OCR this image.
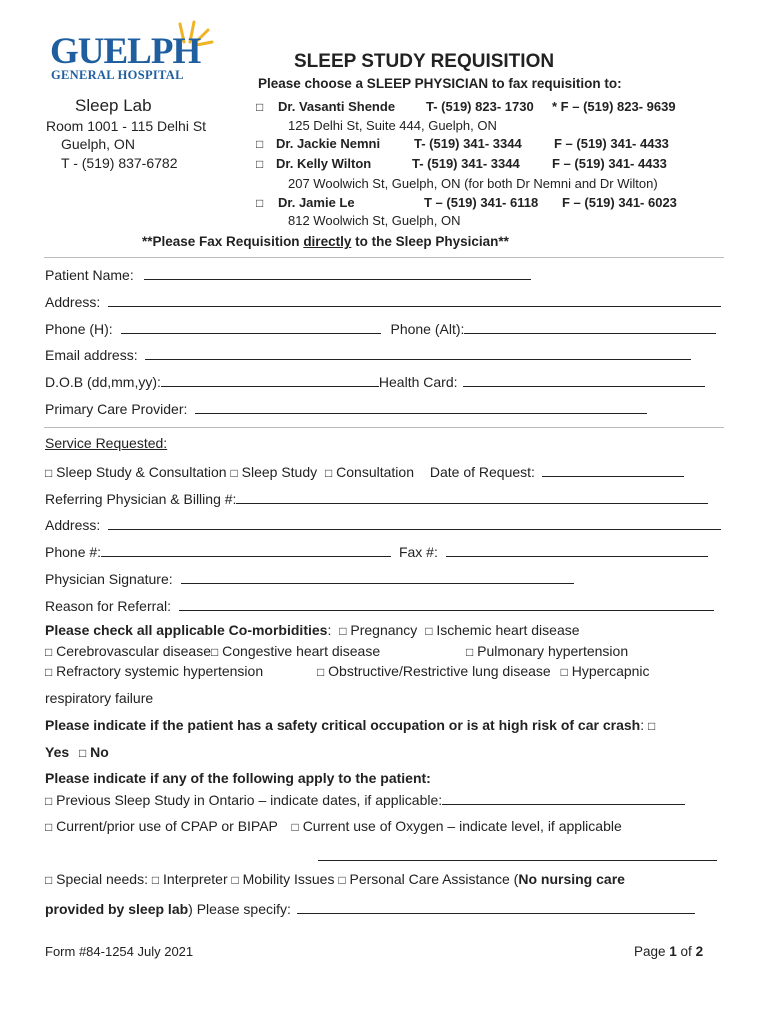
GUELPH
GENERAL HOSPITAL
Sleep Lab
Room 1001 - 115 Delhi St
Guelph, ON
T - (519) 837-6782
SLEEP STUDY REQUISITION
Please choose a SLEEP PHYSICIAN to fax requisition to:
□ Dr. Vasanti Shende T- (519) 823- 1730 * F – (519) 823- 9639
125 Delhi St, Suite 444, Guelph, ON
□ Dr. Jackie Nemni	T- (519) 341- 3344 F – (519) 341- 4433
□ Dr. Kelly Wilton	T- (519) 341- 3344 F – (519) 341- 4433
207 Woolwich St, Guelph, ON (for both Dr Nemni and Dr Wilton)
□ Dr. Jamie Le	T – (519) 341- 6118 F – (519) 341- 6023
812 Woolwich St, Guelph, ON
**Please Fax Requisition directly to the Sleep Physician**
Patient Name:
Address:
Phone (H):	Phone (Alt):
Email address:
D.O.B (dd,mm,yy):	Health Card:
Primary Care Provider:
Service Requested:
□ Sleep Study & Consultation □ Sleep Study □ Consultation Date of Request:
Referring Physician & Billing #:
Address:
Phone #:	Fax #:
Physician Signature:
Reason for Referral:
Please check all applicable Co-morbidities: □ Pregnancy □ Ischemic heart disease
□ Cerebrovascular disease□ Congestive heart disease	□ Pulmonary hypertension
□ Refractory systemic hypertension	□ Obstructive/Restrictive lung disease □ Hypercapnic
respiratory failure
Please indicate if the patient has a safety critical occupation or is at high risk of car crash: □
Yes □ No
Please indicate if any of the following apply to the patient:
□ Previous Sleep Study in Ontario – indicate dates, if applicable:
□ Current/prior use of CPAP or BIPAP □ Current use of Oxygen – indicate level, if applicable
□ Special needs: □ Interpreter □ Mobility Issues □ Personal Care Assistance (No nursing care
provided by sleep lab) Please specify:
Form #84-1254 July 2021	Page 1 of 2
